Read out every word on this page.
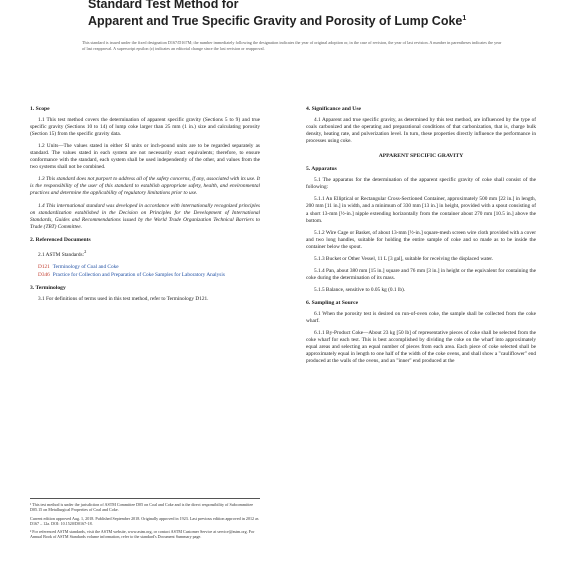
Standard Test Method for
Apparent and True Specific Gravity and Porosity of Lump Coke$^1$
This standard is issued under the fixed designation D167/D167M; the number immediately following the designation indicates the year of original adoption or, in the case of revision, the year of last revision. A number in parentheses indicates the year of last reapproval. A superscript epsilon (ε) indicates an editorial change since the last revision or reapproval.
1. Scope
1.1 This test method covers the determination of apparent specific gravity (Sections 5 to 9) and true specific gravity (Sections 10 to 14) of lump coke larger than 25 mm (1 in.) size and calculating porosity (Section 15) from the specific gravity data.
1.2 Units—The values stated in either SI units or inch-pound units are to be regarded separately as standard. The values stated in each system are not necessarily exact equivalents; therefore, to ensure conformance with the standard, each system shall be used independently of the other, and values from the two systems shall not be combined.
1.3 This standard does not purport to address all of the safety concerns, if any, associated with its use. It is the responsibility of the user of this standard to establish appropriate safety, health, and environmental practices and determine the applicability of regulatory limitations prior to use.
1.4 This international standard was developed in accordance with internationally recognized principles on standardization established in the Decision on Principles for the Development of International Standards, Guides and Recommendations issued by the World Trade Organization Technical Barriers to Trade (TBT) Committee.
2. Referenced Documents
2.1 ASTM Standards:$^2$
D121 Terminology of Coal and Coke
D346 Practice for Collection and Preparation of Coke Samples for Laboratory Analysis
3. Terminology
3.1 For definitions of terms used in this test method, refer to Terminology D121.
¹ This test method is under the jurisdiction of ASTM Committee D05 on Coal and Coke and is the direct responsibility of Subcommittee D05.15 on Metallurgical Properties of Coal and Coke.
Current edition approved Aug. 1, 2018. Published September 2018. Originally approved in 1923. Last previous edition approved in 2012 as D167 – 12a. DOI: 10.1520/D0167-18.
² For referenced ASTM standards, visit the ASTM website, www.astm.org, or contact ASTM Customer Service at service@astm.org. For Annual Book of ASTM Standards volume information, refer to the standard's Document Summary page.
4. Significance and Use
4.1 Apparent and true specific gravity, as determined by this test method, are influenced by the type of coals carbonized and the operating and preparational conditions of that carbonization, that is, charge bulk density, heating rate, and pulverization level. In turn, these properties directly influence the performance in processes using coke.
APPARENT SPECIFIC GRAVITY
5. Apparatus
5.1 The apparatus for the determination of the apparent specific gravity of coke shall consist of the following:
5.1.1 An Elliptical or Rectangular Cross-Sectioned Container, approximately 500 mm [22 in.] in length, 200 mm [11 in.] in width, and a minimum of 330 mm [13 in.] in height, provided with a spout consisting of a short 13-mm [½-in.] nipple extending horizontally from the container about 270 mm [10.5 in.] above the bottom.
5.1.2 Wire Cage or Basket, of about 13-mm [½-in.] square-mesh screen wire cloth provided with a cover and two long handles, suitable for holding the entire sample of coke and so made as to be inside the container below the spout.
5.1.3 Bucket or Other Vessel, 11 L [3 gal], suitable for receiving the displaced water.
5.1.4 Pan, about 380 mm [15 in.] square and 76 mm [3 in.] in height or the equivalent for containing the coke during the determination of its mass.
5.1.5 Balance, sensitive to 0.05 kg (0.1 lb).
6. Sampling at Source
6.1 When the porosity test is desired on run-of-oven coke, the sample shall be collected from the coke wharf.
6.1.1 By-Product Coke—About 23 kg [50 lb] of representative pieces of coke shall be selected from the coke wharf for each test. This is best accomplished by dividing the coke on the wharf into approximately equal areas and selecting an equal number of pieces from each area. Each piece of coke selected shall be approximately equal in length to one half of the width of the coke ovens, and shall show a "cauliflower" end produced at the walls of the ovens, and an "inner" end produced at the
